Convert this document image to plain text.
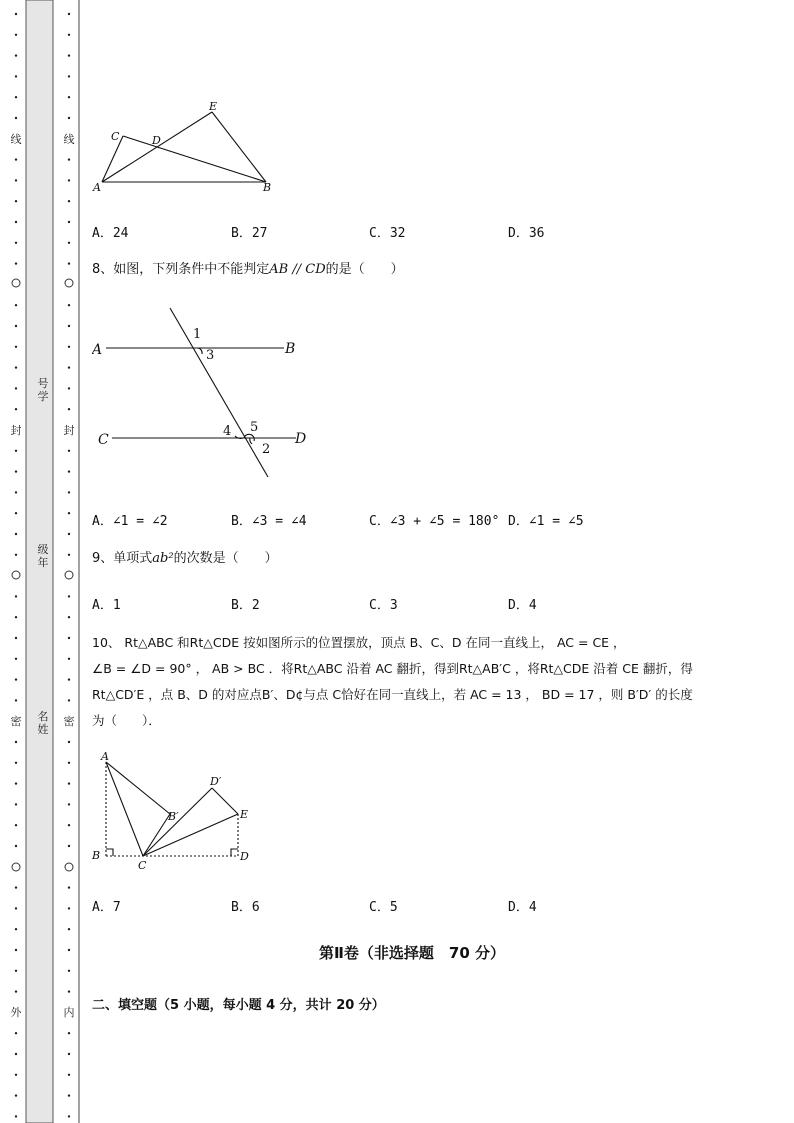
线
封
密
外
线
封
密
内
号学
级年
名姓
A	B
C	D
E
A．24	B．27	C．32	D．36
8、如图，下列条件中不能判定AB // CD的是（　　）
A	B
C	D
1
2
3
4 5
A．∠1 = ∠2	B．∠3 = ∠4	C．∠3 + ∠5 = 180° D．∠1 = ∠5
9、单项式ab²的次数是（　　）
A．1	B．2	C．3	D．4
10、 Rt△ABC 和Rt△CDE 按如图所示的位置摆放，顶点 B、C、D 在同一直线上， AC = CE ，
∠B = ∠D = 90° ， AB > BC ．将Rt△ABC 沿着 AC 翻折，得到Rt△AB′C ，将Rt△CDE 沿着 CE 翻折，得
Rt△CD′E ，点 B、D 的对应点B′、D¢与点 C恰好在同一直线上，若 AC = 13 ， BD = 17 ，则 B′D′ 的长度
为（　　）．
A
B
C
D
E
B′
D′
A．7	B．6	C．5	D．4
第Ⅱ卷（非选择题　70 分）
二、填空题（5 小题，每小题 4 分，共计 20 分）
